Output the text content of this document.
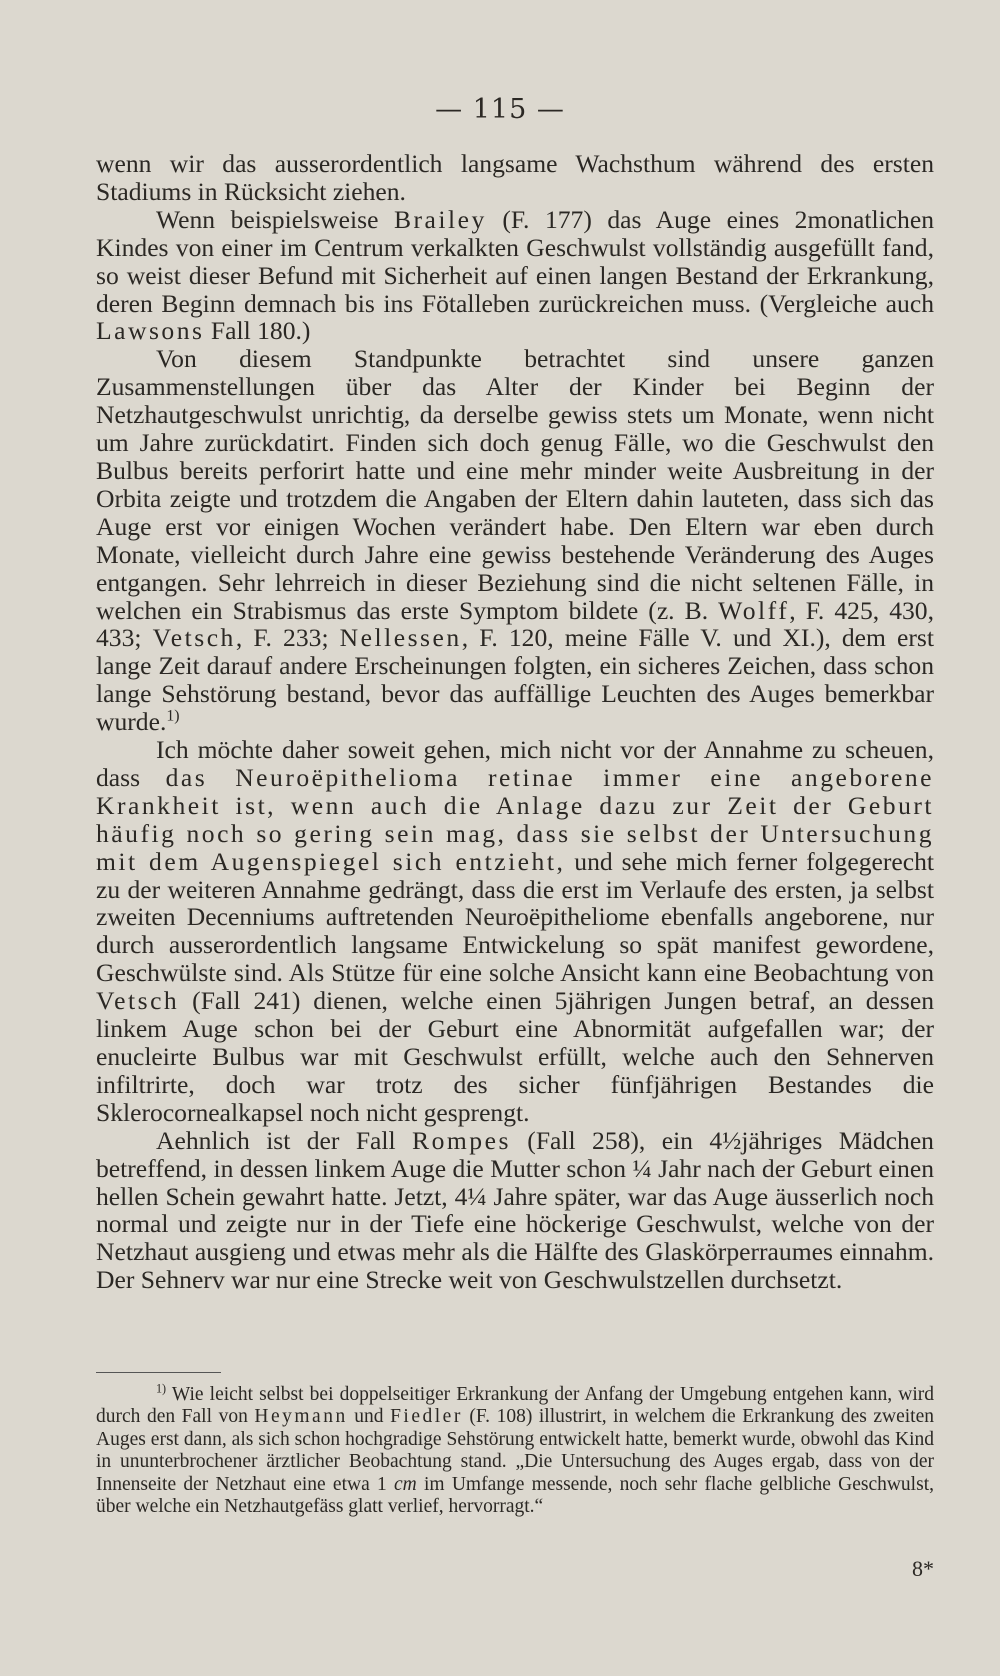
— 115 —

wenn wir das ausserordentlich langsame Wachsthum während des ersten Stadiums in Rücksicht ziehen.

Wenn beispielsweise Brailey (F. 177) das Auge eines 2monatlichen Kindes von einer im Centrum verkalkten Geschwulst vollständig ausgefüllt fand, so weist dieser Befund mit Sicherheit auf einen langen Bestand der Erkrankung, deren Beginn demnach bis ins Fötalleben zurückreichen muss. (Vergleiche auch Lawsons Fall 180.)

Von diesem Standpunkte betrachtet sind unsere ganzen Zusammenstellungen über das Alter der Kinder bei Beginn der Netzhautgeschwulst unrichtig, da derselbe gewiss stets um Monate, wenn nicht um Jahre zurückdatirt. Finden sich doch genug Fälle, wo die Geschwulst den Bulbus bereits perforirt hatte und eine mehr minder weite Ausbreitung in der Orbita zeigte und trotzdem die Angaben der Eltern dahin lauteten, dass sich das Auge erst vor einigen Wochen verändert habe. Den Eltern war eben durch Monate, vielleicht durch Jahre eine gewiss bestehende Veränderung des Auges entgangen. Sehr lehrreich in dieser Beziehung sind die nicht seltenen Fälle, in welchen ein Strabismus das erste Symptom bildete (z. B. Wolff, F. 425, 430, 433; Vetsch, F. 233; Nellessen, F. 120, meine Fälle V. und XI.), dem erst lange Zeit darauf andere Erscheinungen folgten, ein sicheres Zeichen, dass schon lange Sehstörung bestand, bevor das auffällige Leuchten des Auges bemerkbar wurde.$^{1)}$

Ich möchte daher soweit gehen, mich nicht vor der Annahme zu scheuen, dass das Neuroëpithelioma retinae immer eine angeborene Krankheit ist, wenn auch die Anlage dazu zur Zeit der Geburt häufig noch so gering sein mag, dass sie selbst der Untersuchung mit dem Augenspiegel sich entzieht, und sehe mich ferner folgegerecht zu der weiteren Annahme gedrängt, dass die erst im Verlaufe des ersten, ja selbst zweiten Decenniums auftretenden Neuroëpitheliome ebenfalls angeborene, nur durch ausserordentlich langsame Entwickelung so spät manifest gewordene, Geschwülste sind. Als Stütze für eine solche Ansicht kann eine Beobachtung von Vetsch (Fall 241) dienen, welche einen 5jährigen Jungen betraf, an dessen linkem Auge schon bei der Geburt eine Abnormität aufgefallen war; der enucleirte Bulbus war mit Geschwulst erfüllt, welche auch den Sehnerven infiltrirte, doch war trotz des sicher fünfjährigen Bestandes die Sklerocornealkapsel noch nicht gesprengt.

Aehnlich ist der Fall Rompes (Fall 258), ein 4½jähriges Mädchen betreffend, in dessen linkem Auge die Mutter schon ¼ Jahr nach der Geburt einen hellen Schein gewahrt hatte. Jetzt, 4¼ Jahre später, war das Auge äusserlich noch normal und zeigte nur in der Tiefe eine höckerige Geschwulst, welche von der Netzhaut ausgieng und etwas mehr als die Hälfte des Glaskörperraumes einnahm. Der Sehnerv war nur eine Strecke weit von Geschwulstzellen durchsetzt.

$^{1)}$ Wie leicht selbst bei doppelseitiger Erkrankung der Anfang der Umgebung entgehen kann, wird durch den Fall von Heymann und Fiedler (F. 108) illustrirt, in welchem die Erkrankung des zweiten Auges erst dann, als sich schon hochgradige Sehstörung entwickelt hatte, bemerkt wurde, obwohl das Kind in ununterbrochener ärztlicher Beobachtung stand. „Die Untersuchung des Auges ergab, dass von der Innenseite der Netzhaut eine etwa 1 cm im Umfange messende, noch sehr flache gelbliche Geschwulst, über welche ein Netzhautgefäss glatt verlief, hervorragt.“

8*
